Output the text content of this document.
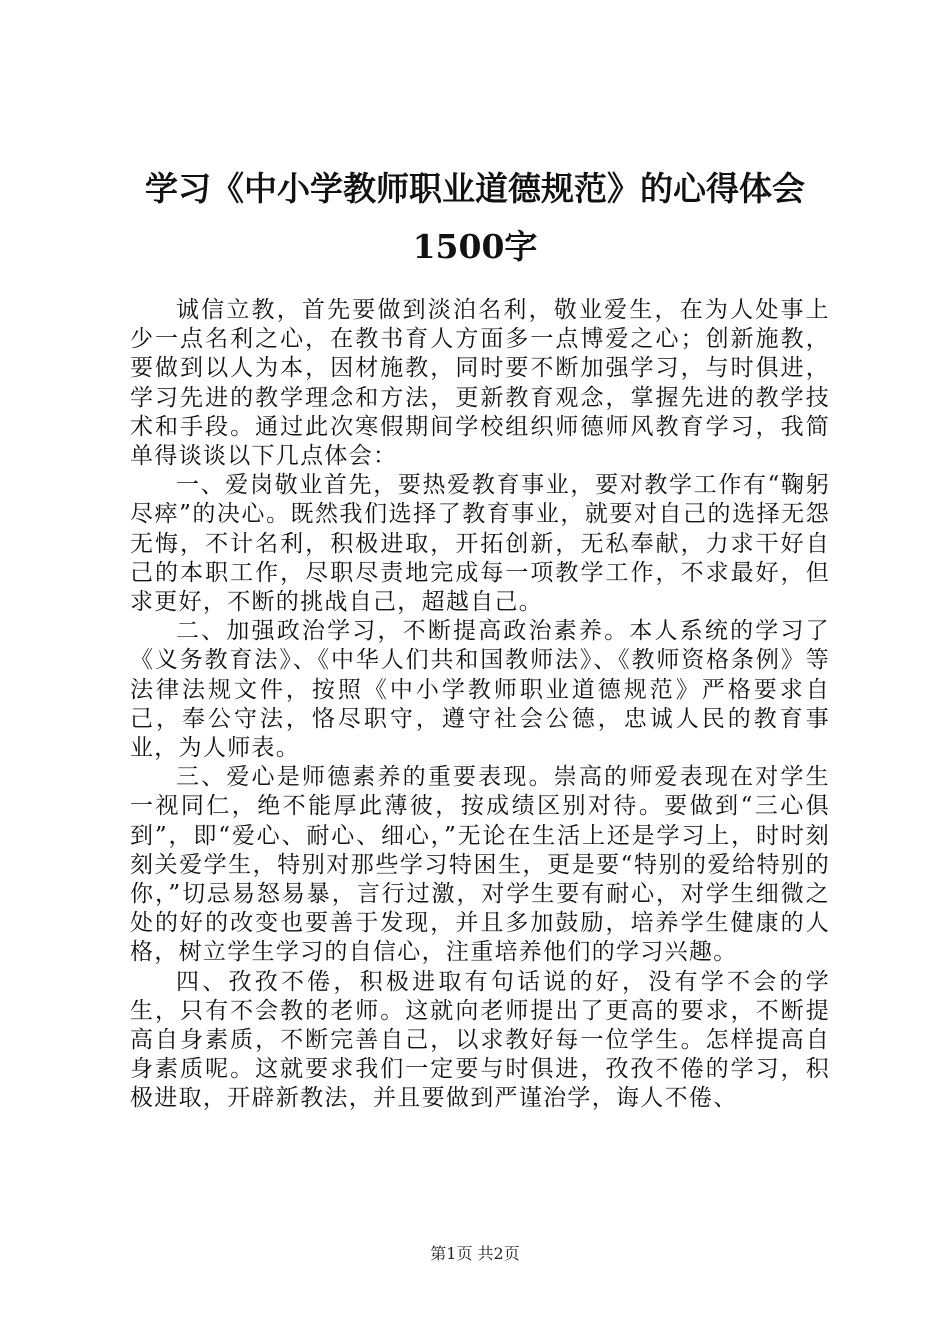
学习《中小学教师职业道德规范》的心得体会
1500字

诚信立教，首先要做到淡泊名利，敬业爱生，在为人处事上少一点名利之心，在教书育人方面多一点博爱之心；创新施教，要做到以人为本，因材施教，同时要不断加强学习，与时俱进，学习先进的教学理念和方法，更新教育观念，掌握先进的教学技术和手段。通过此次寒假期间学校组织师德师风教育学习，我简单得谈谈以下几点体会：

一、爱岗敬业首先，要热爱教育事业，要对教学工作有“鞠躬尽瘁”的决心。既然我们选择了教育事业，就要对自己的选择无怨无悔，不计名利，积极进取，开拓创新，无私奉献，力求干好自己的本职工作，尽职尽责地完成每一项教学工作，不求最好，但求更好，不断的挑战自己，超越自己。

二、加强政治学习，不断提高政治素养。本人系统的学习了《义务教育法》、《中华人们共和国教师法》、《教师资格条例》等法律法规文件，按照《中小学教师职业道德规范》严格要求自己，奉公守法，恪尽职守，遵守社会公德，忠诚人民的教育事业，为人师表。

三、爱心是师德素养的重要表现。崇高的师爱表现在对学生一视同仁，绝不能厚此薄彼，按成绩区别对待。要做到“三心俱到”，即“爱心、耐心、细心，”无论在生活上还是学习上，时时刻刻关爱学生，特别对那些学习特困生，更是要“特别的爱给特别的你，”切忌易怒易暴，言行过激，对学生要有耐心，对学生细微之处的好的改变也要善于发现，并且多加鼓励，培养学生健康的人格，树立学生学习的自信心，注重培养他们的学习兴趣。

四、孜孜不倦，积极进取有句话说的好，没有学不会的学生，只有不会教的老师。这就向老师提出了更高的要求，不断提高自身素质，不断完善自己，以求教好每一位学生。怎样提高自身素质呢。这就要求我们一定要与时俱进，孜孜不倦的学习，积极进取，开辟新教法，并且要做到严谨治学，诲人不倦、

第1页 共2页
